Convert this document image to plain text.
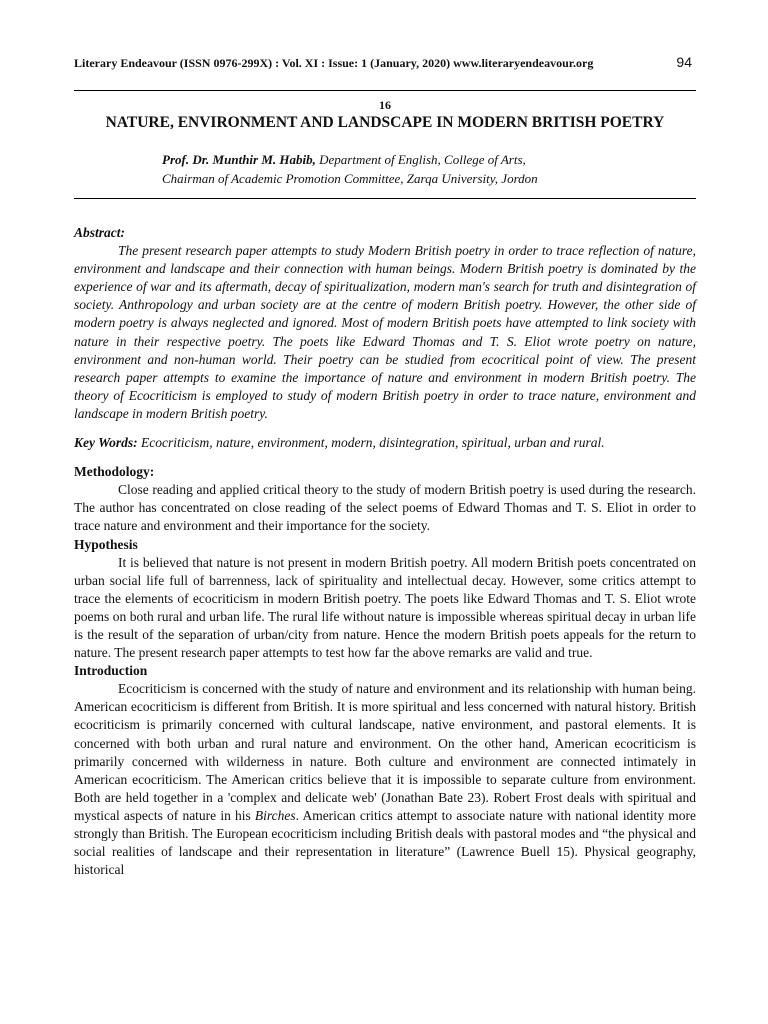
Literary Endeavour (ISSN 0976-299X) : Vol. XI : Issue: 1 (January, 2020) www.literaryendeavour.org	94
16
NATURE, ENVIRONMENT AND LANDSCAPE IN MODERN BRITISH POETRY
Prof. Dr. Munthir M. Habib, Department of English, College of Arts,
Chairman of Academic Promotion Committee, Zarqa University, Jordon

Abstract:

The present research paper attempts to study Modern British poetry in order to trace reflection of nature, environment and landscape and their connection with human beings. Modern British poetry is dominated by the experience of war and its aftermath, decay of spiritualization, modern man's search for truth and disintegration of society. Anthropology and urban society are at the centre of modern British poetry. However, the other side of modern poetry is always neglected and ignored. Most of modern British poets have attempted to link society with nature in their respective poetry. The poets like Edward Thomas and T. S. Eliot wrote poetry on nature, environment and non-human world. Their poetry can be studied from ecocritical point of view. The present research paper attempts to examine the importance of nature and environment in modern British poetry. The theory of Ecocriticism is employed to study of modern British poetry in order to trace nature, environment and landscape in modern British poetry.

Key Words: Ecocriticism, nature, environment, modern, disintegration, spiritual, urban and rural.

Methodology:

Close reading and applied critical theory to the study of modern British poetry is used during the research. The author has concentrated on close reading of the select poems of Edward Thomas and T. S. Eliot in order to trace nature and environment and their importance for the society.

Hypothesis

It is believed that nature is not present in modern British poetry. All modern British poets concentrated on urban social life full of barrenness, lack of spirituality and intellectual decay. However, some critics attempt to trace the elements of ecocriticism in modern British poetry. The poets like Edward Thomas and T. S. Eliot wrote poems on both rural and urban life. The rural life without nature is impossible whereas spiritual decay in urban life is the result of the separation of urban/city from nature. Hence the modern British poets appeals for the return to nature. The present research paper attempts to test how far the above remarks are valid and true.

Introduction

Ecocriticism is concerned with the study of nature and environment and its relationship with human being. American ecocriticism is different from British. It is more spiritual and less concerned with natural history. British ecocriticism is primarily concerned with cultural landscape, native environment, and pastoral elements. It is concerned with both urban and rural nature and environment. On the other hand, American ecocriticism is primarily concerned with wilderness in nature. Both culture and environment are connected intimately in American ecocriticism. The American critics believe that it is impossible to separate culture from environment. Both are held together in a 'complex and delicate web' (Jonathan Bate 23). Robert Frost deals with spiritual and mystical aspects of nature in his Birches. American critics attempt to associate nature with national identity more strongly than British. The European ecocriticism including British deals with pastoral modes and “the physical and social realities of landscape and their representation in literature” (Lawrence Buell 15). Physical geography, historical
